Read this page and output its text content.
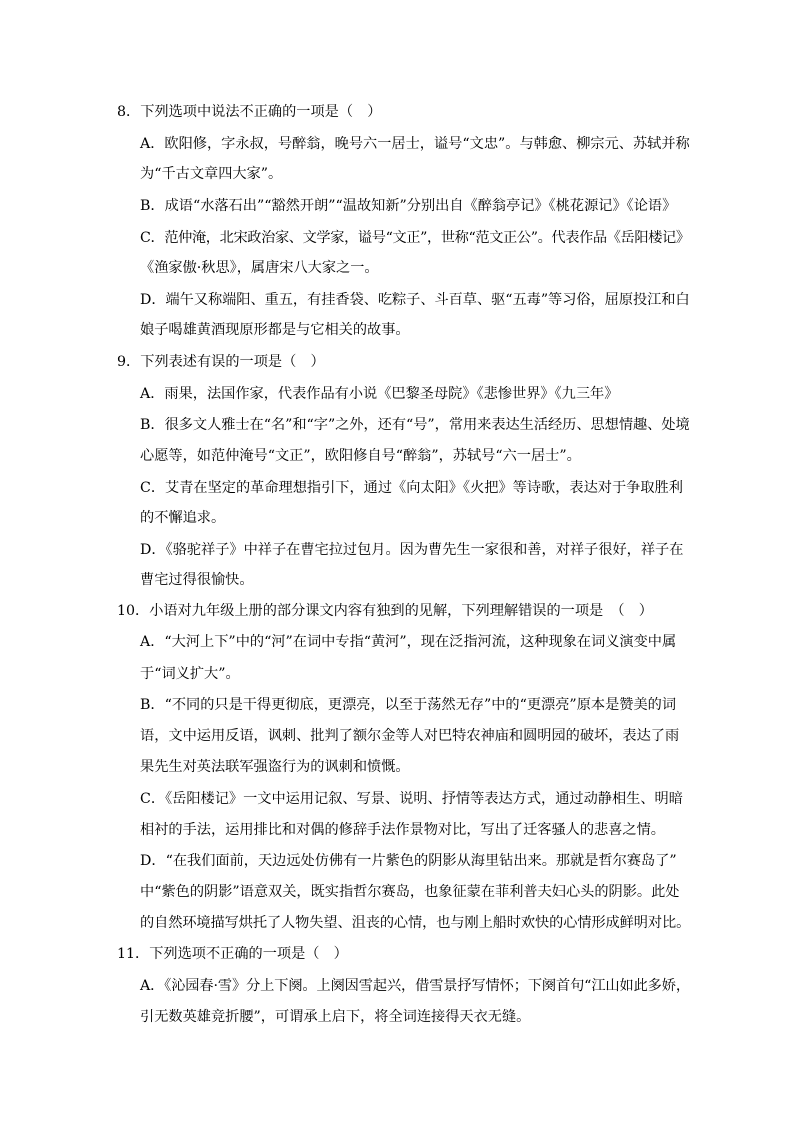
8．下列选项中说法不正确的一项是（　）
A．欧阳修，字永叔，号醉翁，晚号六一居士，谥号“文忠”。与韩愈、柳宗元、苏轼并称
为“千古文章四大家”。
B．成语“水落石出”“豁然开朗”“温故知新”分别出自《醉翁亭记》《桃花源记》《论语》
C．范仲淹，北宋政治家、文学家，谥号“文正”，世称“范文正公”。代表作品《岳阳楼记》
《渔家傲·秋思》，属唐宋八大家之一。
D．端午又称端阳、重五，有挂香袋、吃粽子、斗百草、驱“五毒”等习俗，屈原投江和白
娘子喝雄黄酒现原形都是与它相关的故事。
9．下列表述有误的一项是（　）
A．雨果，法国作家，代表作品有小说《巴黎圣母院》《悲惨世界》《九三年》
B．很多文人雅士在“名”和“字”之外，还有“号”，常用来表达生活经历、思想情趣、处境
心愿等，如范仲淹号“文正”，欧阳修自号“醉翁”，苏轼号“六一居士”。
C．艾青在坚定的革命理想指引下，通过《向太阳》《火把》等诗歌，表达对于争取胜利
的不懈追求。
D．《骆驼祥子》中祥子在曹宅拉过包月。因为曹先生一家很和善，对祥子很好，祥子在
曹宅过得很愉快。
10．小语对九年级上册的部分课文内容有独到的见解，下列理解错误的一项是　（　）
A．“大河上下”中的“河”在词中专指“黄河”，现在泛指河流，这种现象在词义演变中属
于“词义扩大”。
B．“不同的只是干得更彻底，更漂亮，以至于荡然无存”中的“更漂亮”原本是赞美的词
语，文中运用反语，讽刺、批判了额尔金等人对巴特农神庙和圆明园的破坏，表达了雨
果先生对英法联军强盗行为的讽刺和愤慨。
C．《岳阳楼记》一文中运用记叙、写景、说明、抒情等表达方式，通过动静相生、明暗
相衬的手法，运用排比和对偶的修辞手法作景物对比，写出了迁客骚人的悲喜之情。
D．“在我们面前，天边远处仿佛有一片紫色的阴影从海里钻出来。那就是哲尔赛岛了”
中“紫色的阴影”语意双关，既实指哲尔赛岛，也象征蒙在菲利普夫妇心头的阴影。此处
的自然环境描写烘托了人物失望、沮丧的心情，也与刚上船时欢快的心情形成鲜明对比。
11．下列选项不正确的一项是（　）
A．《沁园春·雪》分上下阕。上阕因雪起兴，借雪景抒写情怀；下阕首句“江山如此多娇，
引无数英雄竞折腰”，可谓承上启下，将全词连接得天衣无缝。
